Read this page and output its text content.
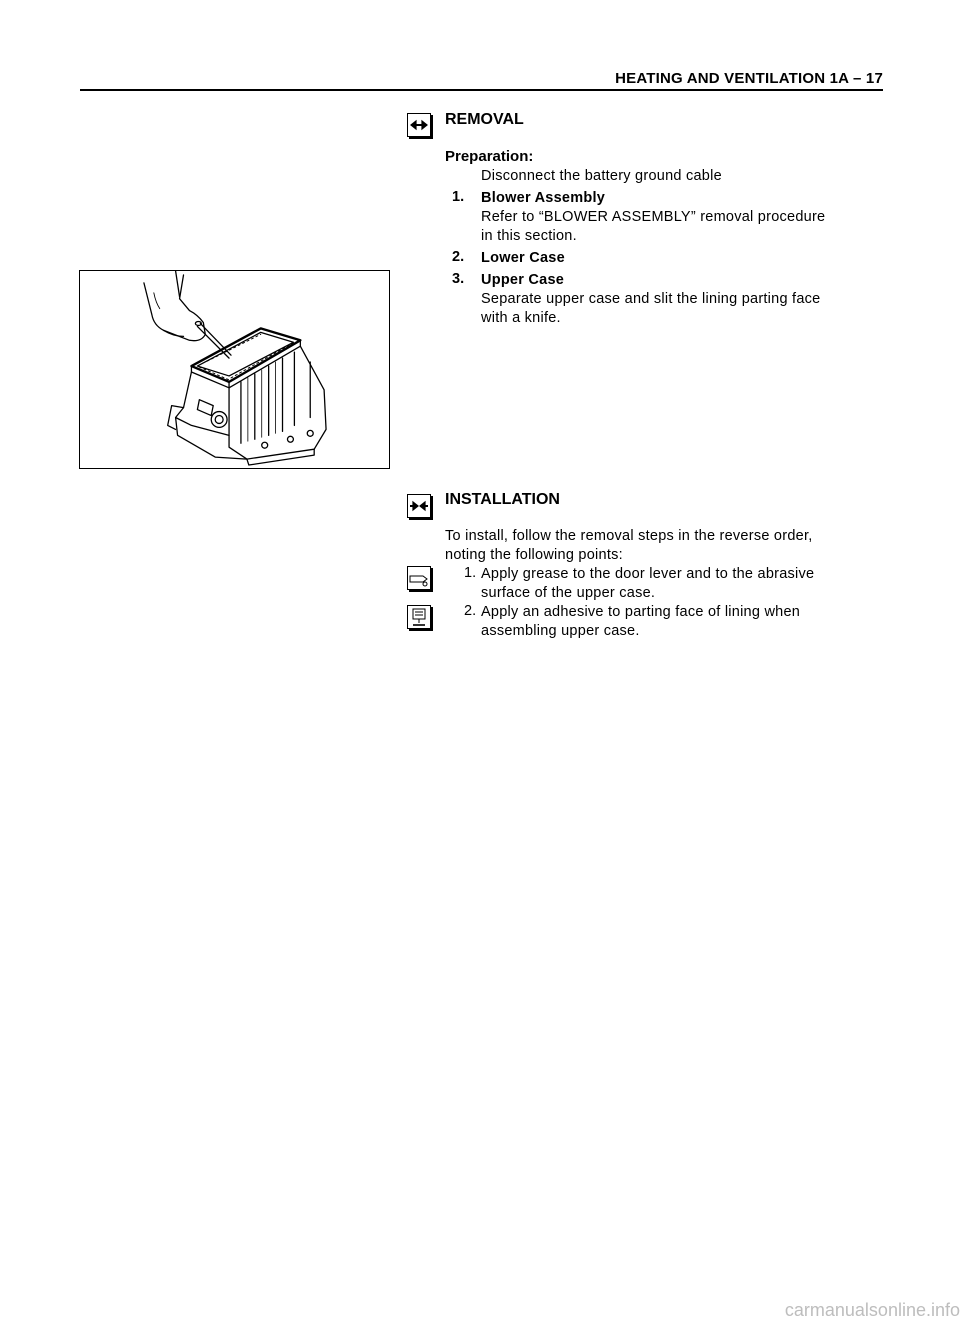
HEATING AND VENTILATION 1A – 17
REMOVAL
Preparation:
Disconnect the battery ground cable
1. Blower Assembly
Refer to “BLOWER ASSEMBLY” removal procedure
in this section.
2. Lower Case
3. Upper Case
Separate upper case and slit the lining parting face
with a knife.
INSTALLATION
To install, follow the removal steps in the reverse order,
noting the following points:
1. Apply grease to the door lever and to the abrasive
surface of the upper case.
2. Apply an adhesive to parting face of lining when
assembling upper case.
carmanualsonline.info
